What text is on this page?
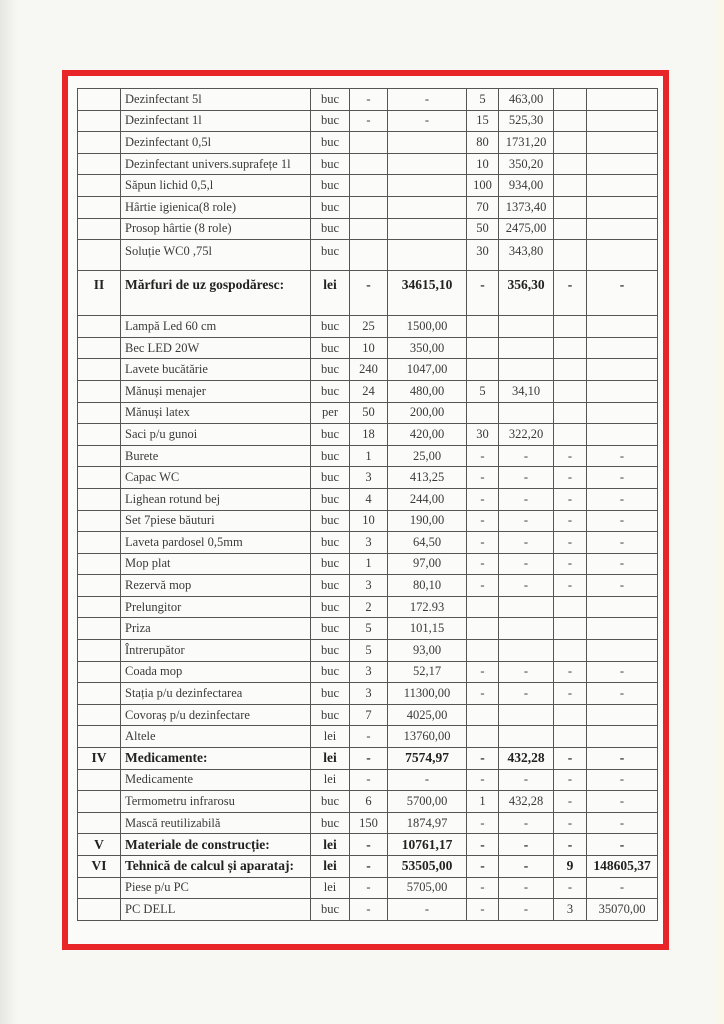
	Dezinfectant 5l	buc	-	-	5	463,00		
	Dezinfectant 1l	buc	-	-	15	525,30		
	Dezinfectant 0,5l	buc			80	1731,20		
	Dezinfectant univers.suprafețe 1l	buc			10	350,20		
	Săpun lichid 0,5,l	buc			100	934,00		
	Hârtie igienica(8 role)	buc			70	1373,40		
	Prosop hârtie (8 role)	buc			50	2475,00		
	Soluție WC0 ,75l	buc			30	343,80		
II	Mărfuri de uz gospodăresc:	lei	-	34615,10	-	356,30	-	-
	Lampă Led 60 cm	buc	25	1500,00				
	Bec LED 20W	buc	10	350,00				
	Lavete bucătărie	buc	240	1047,00				
	Mănuși menajer	buc	24	480,00	5	34,10		
	Mănuși latex	per	50	200,00				
	Saci p/u gunoi	buc	18	420,00	30	322,20		
	Burete	buc	1	25,00	-	-	-	-
	Capac WC	buc	3	413,25	-	-	-	-
	Lighean rotund bej	buc	4	244,00	-	-	-	-
	Set 7piese băuturi	buc	10	190,00	-	-	-	-
	Laveta pardosel 0,5mm	buc	3	64,50	-	-	-	-
	Mop plat	buc	1	97,00	-	-	-	-
	Rezervă mop	buc	3	80,10	-	-	-	-
	Prelungitor	buc	2	172.93				
	Priza	buc	5	101,15				
	Întrerupător	buc	5	93,00				
	Coada mop	buc	3	52,17	-	-	-	-
	Stația p/u dezinfectarea	buc	3	11300,00	-	-	-	-
	Covoraș p/u dezinfectare	buc	7	4025,00				
	Altele	lei	-	13760,00				
IV	Medicamente:	lei	-	7574,97	-	432,28	-	-
	Medicamente	lei	-	-	-	-	-	-
	Termometru infrarosu	buc	6	5700,00	1	432,28	-	-
	Mască reutilizabilă	buc	150	1874,97	-	-	-	-
V	Materiale de construcție:	lei	-	10761,17	-	-	-	-
VI	Tehnică de calcul și aparataj:	lei	-	53505,00	-	-	9	148605,37
	Piese p/u PC	lei	-	5705,00	-	-	-	-
	PC DELL	buc	-	-	-	-	3	35070,00
